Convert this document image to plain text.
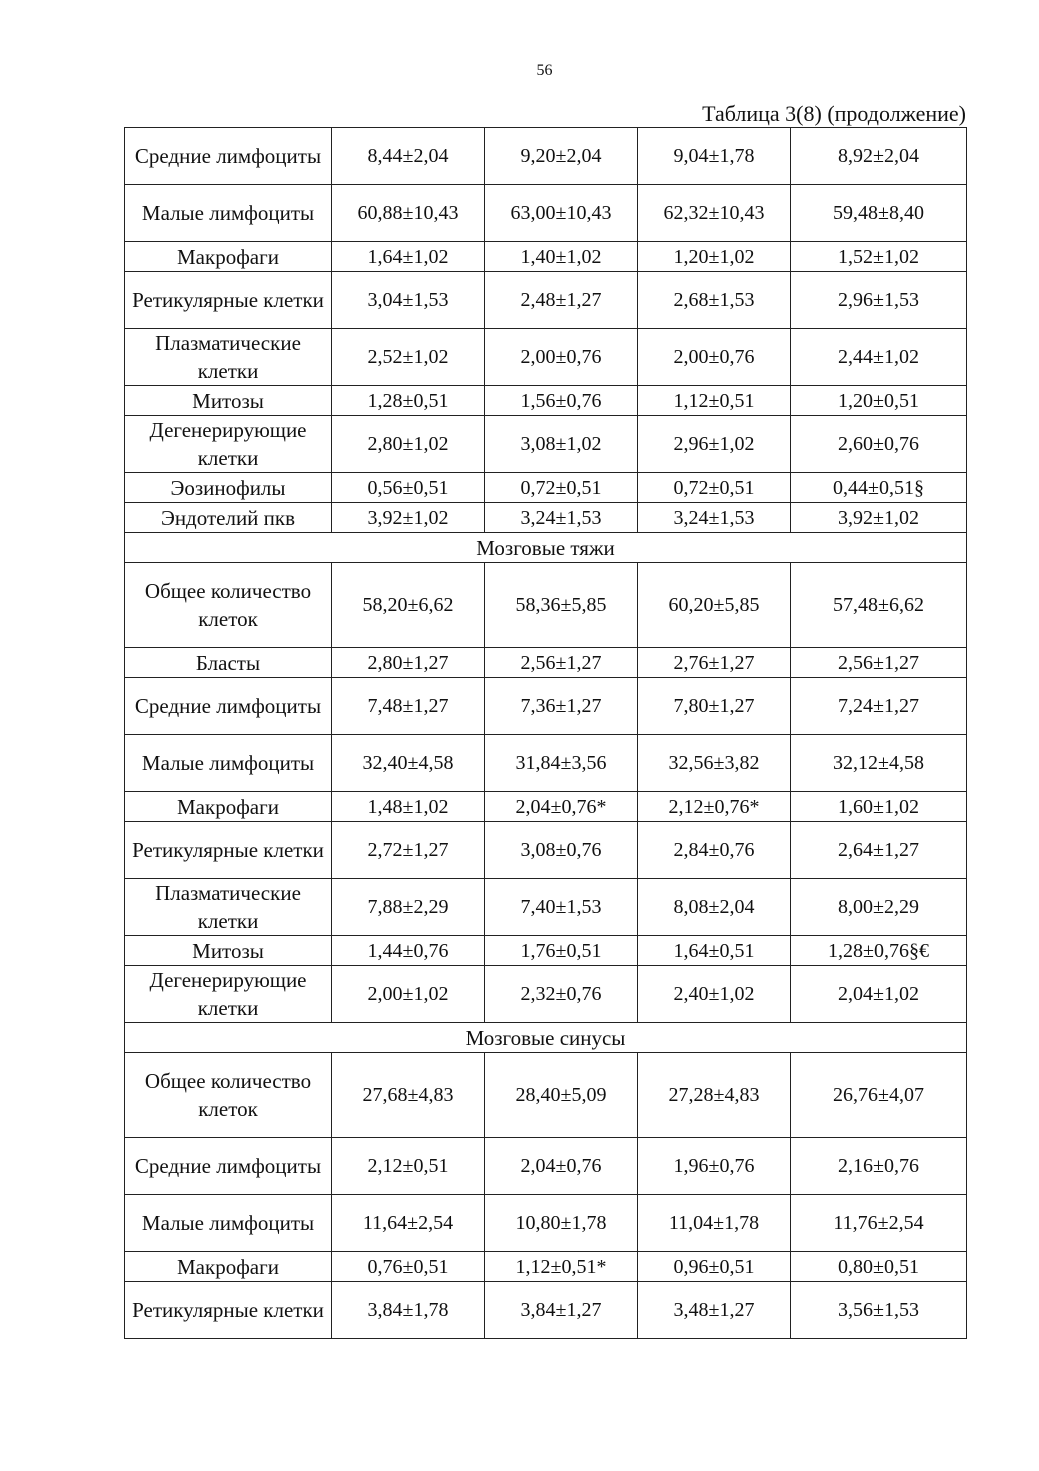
56
Таблица 3(8) (продолжение)
Средние лимфоциты	8,44±2,04	9,20±2,04	9,04±1,78	8,92±2,04
Малые лимфоциты	60,88±10,43	63,00±10,43	62,32±10,43	59,48±8,40
Макрофаги	1,64±1,02	1,40±1,02	1,20±1,02	1,52±1,02
Ретикулярные клетки	3,04±1,53	2,48±1,27	2,68±1,53	2,96±1,53
Плазматические клетки	2,52±1,02	2,00±0,76	2,00±0,76	2,44±1,02
Митозы	1,28±0,51	1,56±0,76	1,12±0,51	1,20±0,51
Дегенерирующие клетки	2,80±1,02	3,08±1,02	2,96±1,02	2,60±0,76
Эозинофилы	0,56±0,51	0,72±0,51	0,72±0,51	0,44±0,51§
Эндотелий пкв	3,92±1,02	3,24±1,53	3,24±1,53	3,92±1,02
Мозговые тяжи				
Общее количество клеток	58,20±6,62	58,36±5,85	60,20±5,85	57,48±6,62
Бласты	2,80±1,27	2,56±1,27	2,76±1,27	2,56±1,27
Средние лимфоциты	7,48±1,27	7,36±1,27	7,80±1,27	7,24±1,27
Малые лимфоциты	32,40±4,58	31,84±3,56	32,56±3,82	32,12±4,58
Макрофаги	1,48±1,02	2,04±0,76*	2,12±0,76*	1,60±1,02
Ретикулярные клетки	2,72±1,27	3,08±0,76	2,84±0,76	2,64±1,27
Плазматические клетки	7,88±2,29	7,40±1,53	8,08±2,04	8,00±2,29
Митозы	1,44±0,76	1,76±0,51	1,64±0,51	1,28±0,76§€
Дегенерирующие клетки	2,00±1,02	2,32±0,76	2,40±1,02	2,04±1,02
Мозговые синусы				
Общее количество клеток	27,68±4,83	28,40±5,09	27,28±4,83	26,76±4,07
Средние лимфоциты	2,12±0,51	2,04±0,76	1,96±0,76	2,16±0,76
Малые лимфоциты	11,64±2,54	10,80±1,78	11,04±1,78	11,76±2,54
Макрофаги	0,76±0,51	1,12±0,51*	0,96±0,51	0,80±0,51
Ретикулярные клетки	3,84±1,78	3,84±1,27	3,48±1,27	3,56±1,53
